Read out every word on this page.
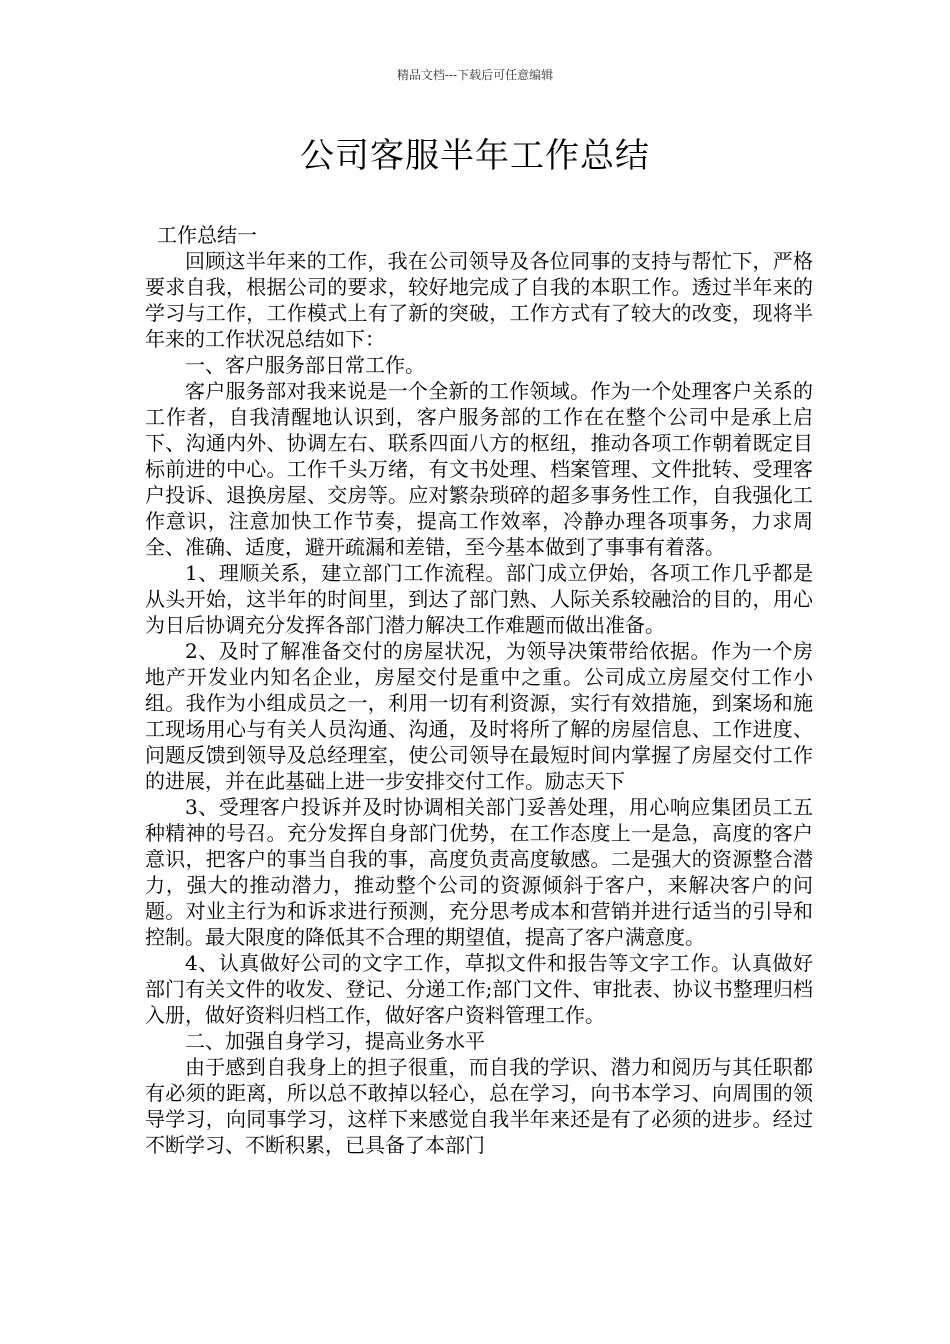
精品文档---下载后可任意编辑
公司客服半年工作总结

工作总结一

回顾这半年来的工作，我在公司领导及各位同事的支持与帮忙下，严格要求自我，根据公司的要求，较好地完成了自我的本职工作。透过半年来的学习与工作，工作模式上有了新的突破，工作方式有了较大的改变，现将半年来的工作状况总结如下：

一、客户服务部日常工作。

客户服务部对我来说是一个全新的工作领域。作为一个处理客户关系的工作者，自我清醒地认识到，客户服务部的工作在在整个公司中是承上启下、沟通内外、协调左右、联系四面八方的枢纽，推动各项工作朝着既定目标前进的中心。工作千头万绪，有文书处理、档案管理、文件批转、受理客户投诉、退换房屋、交房等。应对繁杂琐碎的超多事务性工作，自我强化工作意识，注意加快工作节奏，提高工作效率，冷静办理各项事务，力求周全、准确、适度，避开疏漏和差错，至今基本做到了事事有着落。

1、理顺关系，建立部门工作流程。部门成立伊始，各项工作几乎都是从头开始，这半年的时间里，到达了部门熟、人际关系较融洽的目的，用心为日后协调充分发挥各部门潜力解决工作难题而做出准备。

2、及时了解准备交付的房屋状况，为领导决策带给依据。作为一个房地产开发业内知名企业，房屋交付是重中之重。公司成立房屋交付工作小组。我作为小组成员之一，利用一切有利资源，实行有效措施，到案场和施工现场用心与有关人员沟通、沟通，及时将所了解的房屋信息、工作进度、问题反馈到领导及总经理室，使公司领导在最短时间内掌握了房屋交付工作的进展，并在此基础上进一步安排交付工作。励志天下

3、受理客户投诉并及时协调相关部门妥善处理，用心响应集团员工五种精神的号召。充分发挥自身部门优势，在工作态度上一是急，高度的客户意识，把客户的事当自我的事，高度负责高度敏感。二是强大的资源整合潜力，强大的推动潜力，推动整个公司的资源倾斜于客户，来解决客户的问题。对业主行为和诉求进行预测，充分思考成本和营销并进行适当的引导和控制。最大限度的降低其不合理的期望值，提高了客户满意度。

4、认真做好公司的文字工作，草拟文件和报告等文字工作。认真做好部门有关文件的收发、登记、分递工作;部门文件、审批表、协议书整理归档入册，做好资料归档工作，做好客户资料管理工作。

二、加强自身学习，提高业务水平

由于感到自我身上的担子很重，而自我的学识、潜力和阅历与其任职都有必须的距离，所以总不敢掉以轻心，总在学习，向书本学习、向周围的领导学习，向同事学习，这样下来感觉自我半年来还是有了必须的进步。经过不断学习、不断积累，已具备了本部门
